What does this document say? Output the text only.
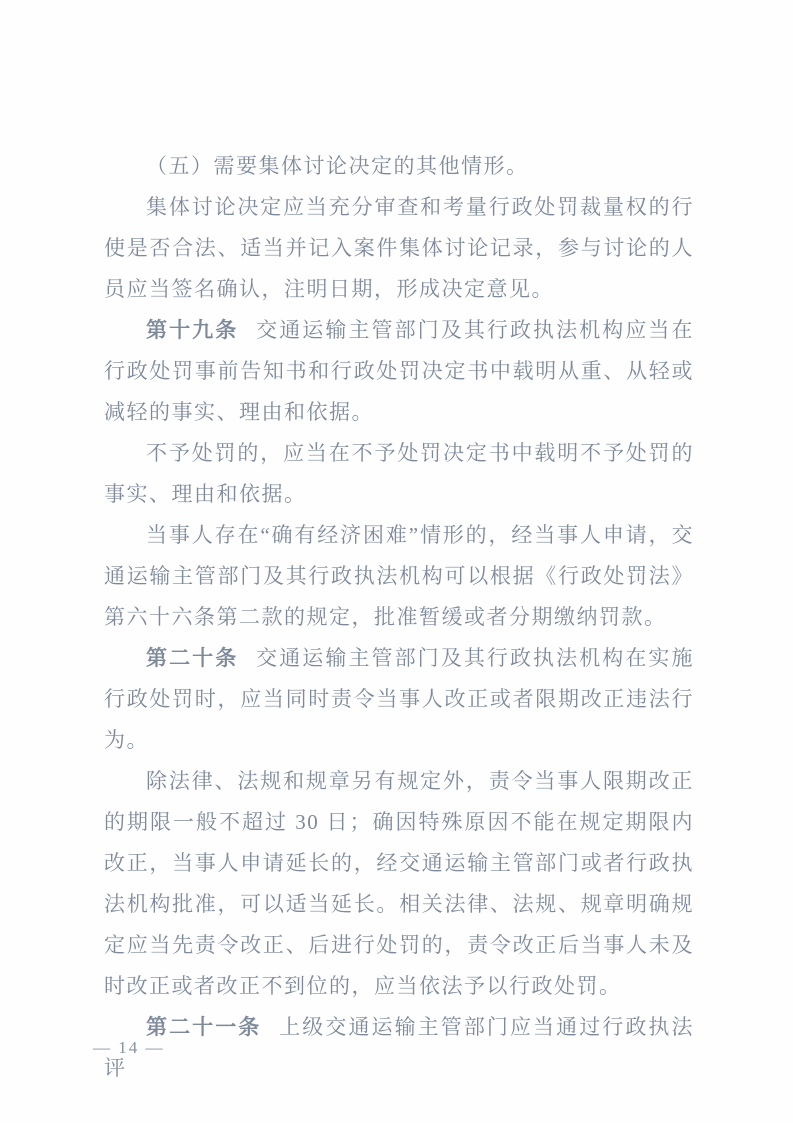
（五）需要集体讨论决定的其他情形。

集体讨论决定应当充分审查和考量行政处罚裁量权的行使是否合法、适当并记入案件集体讨论记录，参与讨论的人员应当签名确认，注明日期，形成决定意见。

第十九条 交通运输主管部门及其行政执法机构应当在行政处罚事前告知书和行政处罚决定书中载明从重、从轻或减轻的事实、理由和依据。

不予处罚的，应当在不予处罚决定书中载明不予处罚的事实、理由和依据。

当事人存在“确有经济困难”情形的，经当事人申请，交通运输主管部门及其行政执法机构可以根据《行政处罚法》第六十六条第二款的规定，批准暂缓或者分期缴纳罚款。

第二十条 交通运输主管部门及其行政执法机构在实施行政处罚时，应当同时责令当事人改正或者限期改正违法行为。

除法律、法规和规章另有规定外，责令当事人限期改正的期限一般不超过 30 日；确因特殊原因不能在规定期限内改正，当事人申请延长的，经交通运输主管部门或者行政执法机构批准，可以适当延长。相关法律、法规、规章明确规定应当先责令改正、后进行处罚的，责令改正后当事人未及时改正或者改正不到位的，应当依法予以行政处罚。

第二十一条 上级交通运输主管部门应当通过行政执法评

— 14 —
